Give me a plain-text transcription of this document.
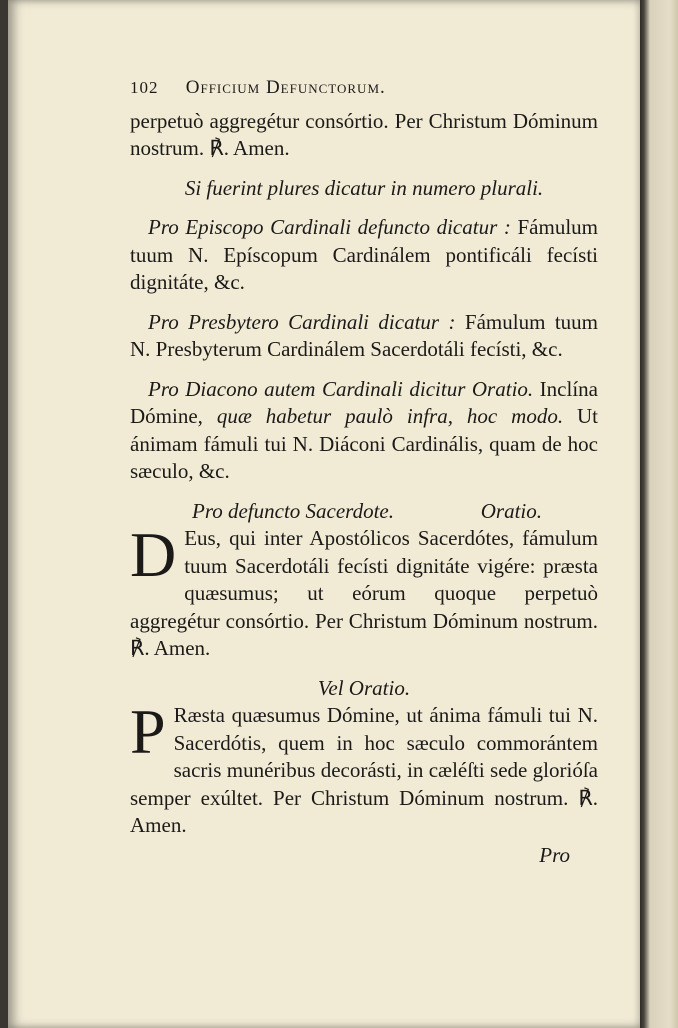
102 Officium Defunctorum.

perpetuò aggregétur consórtio. Per Christum Dóminum nostrum. ℟. Amen.

Si fuerint plures dicatur in numero plurali.

Pro Episcopo Cardinali defuncto dicatur : Fámulum tuum N. Epíscopum Cardinálem pontificáli fecísti dignitáte, &c.

Pro Presbytero Cardinali dicatur : Fámulum tuum N. Presbyterum Cardinálem Sacerdotáli fecísti, &c.

Pro Diacono autem Cardinali dicitur Oratio. Inclína Dómine, quæ habetur paulò infra, hoc modo. Ut ánimam fámuli tui N. Diáconi Cardinális, quam de hoc sæculo, &c.

Pro defuncto Sacerdote.	Oratio.

D Eus, qui inter Apostólicos Sacerdótes, fámulum tuum Sacerdotáli fecísti dignitáte vigére: præsta quæsumus; ut eórum quoque perpetuò aggregétur consórtio. Per Christum Dóminum nostrum. ℟. Amen.

Vel Oratio.

P Ræsta quæsumus Dómine, ut ánima fámuli tui N. Sacerdótis, quem in hoc sæculo commorántem sacris munéribus decorásti, in cæléſti sede glorióſa semper exúltet. Per Christum Dóminum nostrum. ℟. Amen.

Pro
